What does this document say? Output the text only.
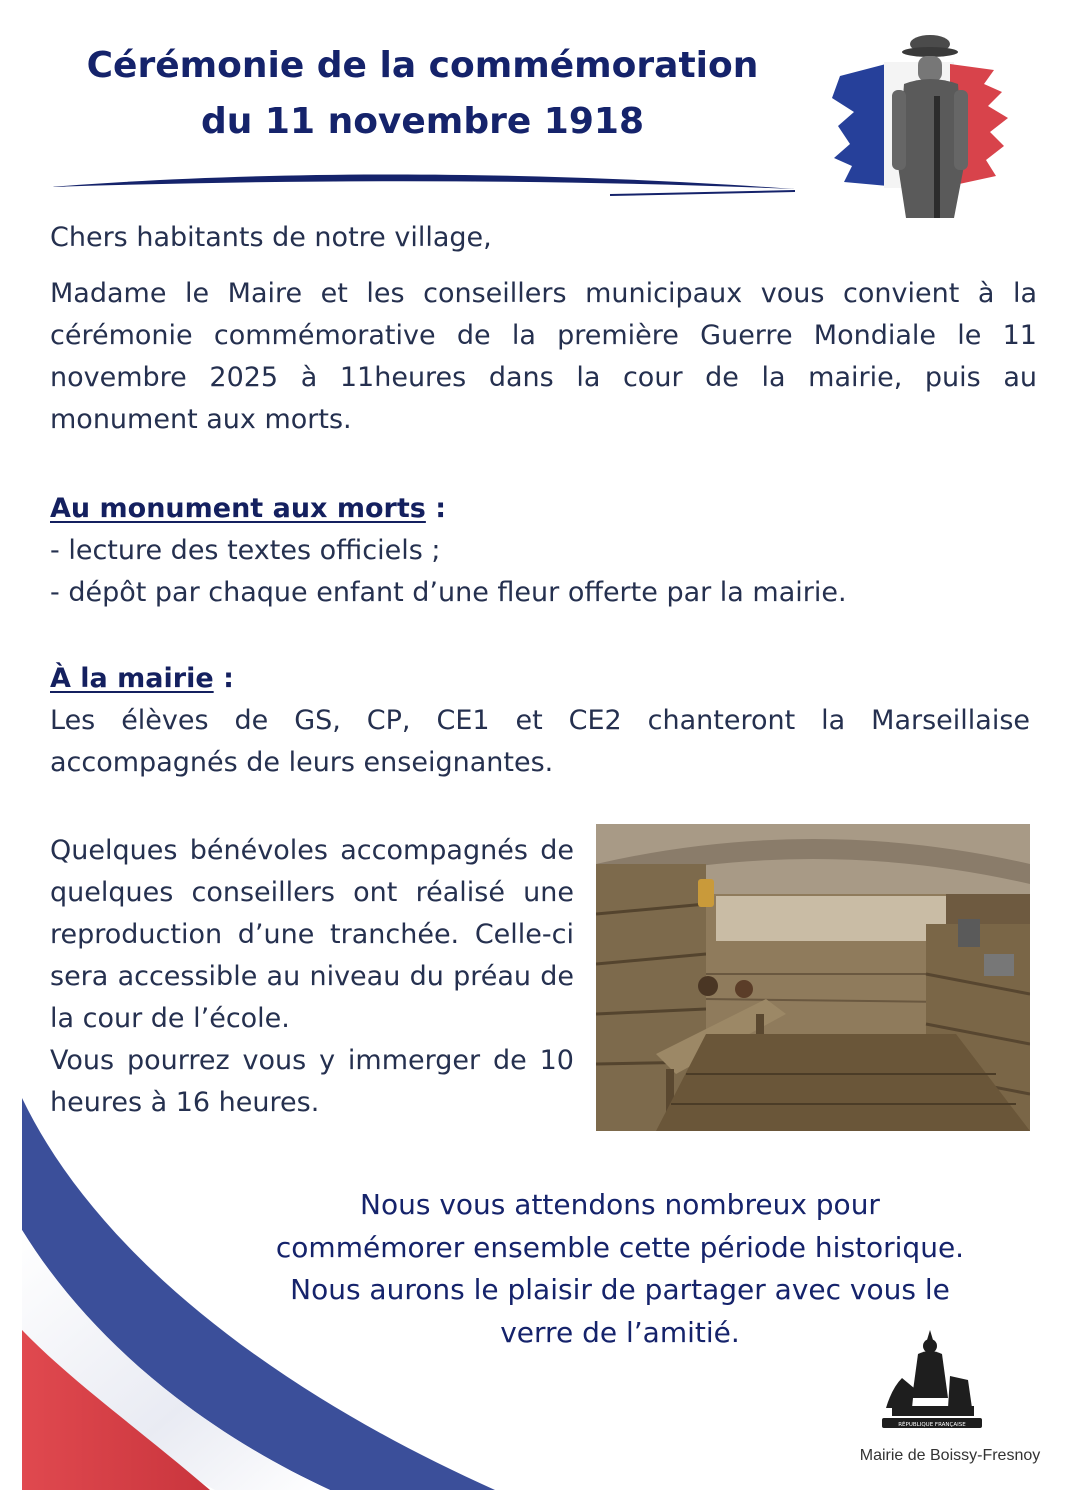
Cérémonie de la commémoration
du 11 novembre 1918
Chers habitants de notre village,
Madame le Maire et les conseillers municipaux vous convient à la cérémonie commémorative de la première Guerre Mondiale le 11 novembre 2025 à 11heures dans la cour de la mairie, puis au monument aux morts.
Au monument aux morts :
- lecture des textes officiels ;
- dépôt par chaque enfant d’une fleur offerte par la mairie.
À la mairie :
Les élèves de GS, CP, CE1 et CE2 chanteront la Marseillaise accompagnés de leurs enseignantes.
Quelques bénévoles accompagnés de quelques conseillers ont réalisé une reproduction d’une tranchée. Celle-ci sera accessible au niveau du préau de la cour de l’école.
Vous pourrez vous y immerger de 10 heures à 16 heures.
Nous vous attendons nombreux pour
commémorer ensemble cette période historique.
Nous aurons le plaisir de partager avec vous le
verre de l’amitié.
RÉPUBLIQUE FRANÇAISE
Mairie de Boissy-Fresnoy
